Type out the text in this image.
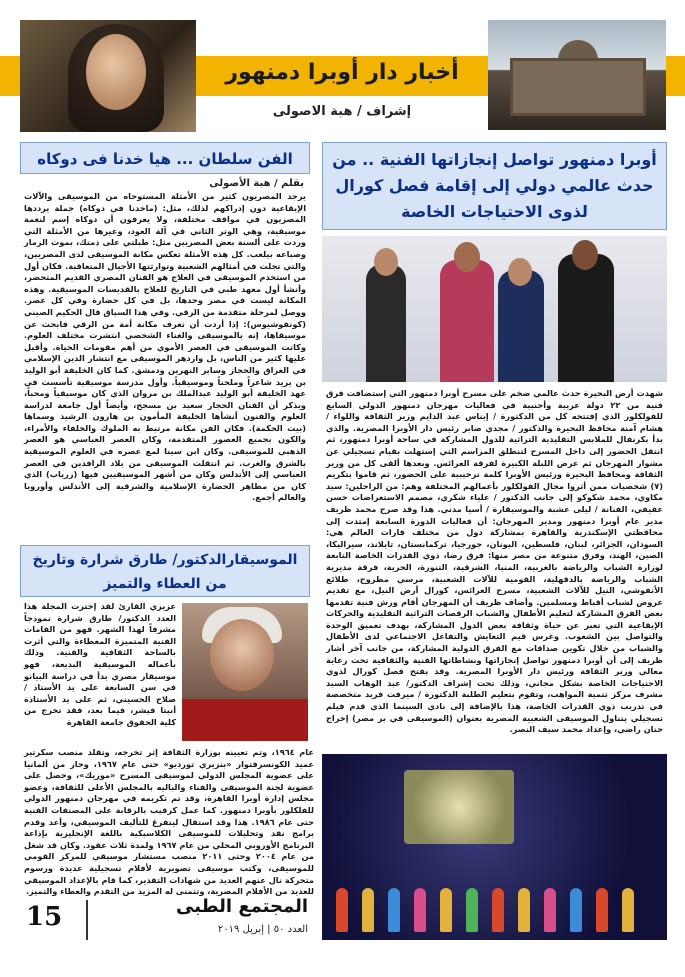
أخبار دار أوبرا دمنهور
إشراف / هبة الاصولى
الفن سلطان ... هيا خدنا فى دوكاه
بقلم / هبة الأصولى

يرجد المصريون كثير من الأمثلة المستوحاه من الموسيقى والآلات الإيقاعية دون إدراكهم لذلك، مثل: (ماخدنا في دوكاه) جملة يرددها المصريون في مواقف مختلفة، ولا يعرفون أن دوكاه إسم لنغمة موسيقية، وهي الوتر الثاني في آلة العود، وغيرها من الأمثلة التي وردت على ألسنة بعض المصريين مثل: طبلتي على ذمتك، بموت الزمار وصباعه بيلعب. كل هذه الأمثلة تعكس مكانة الموسيقى لدى المصريين، والتي تجلت في أمثالهم الشعبية وتوارثتها الأجيال المتعاقبة. فكان أول من استخدم الموسيقى في العلاج هو الفنان المصري القديم المتحضر، وأنشأ أول معهد طبي في التاريخ للعلاج بالقديسات الموسيقية. وهذه المكانة ليست في مصر وحدها، بل في كل حضارة وفي كل عصر. ووصل لمرحلة متقدمة من الرقي. وفي هذا السياق قال الحكيم الصيني (كونفوشيوس): إذا أردت أن تعرف مكانة أمة من الرقي فابحث عن موسيقاها، إنه بالموسيقى والغناء الشخصي انتشرت مختلف العلوم. وكانت الموسيقى في العصر الأموي من أهم مقومات الحياة. وأقبل عليها كثير من الناس، بل وازدهر الموسيقى مع انتشار الدين الإسلامي في العراق والحجاز وساير النهرين ودمشق. كما كان الخليفة أبو الوليد بن يزيد شاعراً وملحناً وموسيقياً. وأول مدرسة موسيقية تأسست في عهد الخليفة أبو الوليد عبدالملك بن مروان الذي كان موسيقياً ومحباً، ويذكر أن الفنان الحجاز سعيد بن مسجح، وأيضاً أول جامعة لدراسة العلوم والفنون أنشأها الخليفة المأمون بن هارون الرشيد وسماها (بيت الحكمة). فكان الفن مكانة مرتبط به الملوك والخلفاء والأمراء، والكون بجميع العصور المتقدمة، وكان العصر العباسي هو العصر الذهبي للموسيقى. وكان ابن سينا لمع عصره في العلوم الموسيقية بالشرق والغرب. ثم انتقلت الموسيقى من بلاد الرافدين في العصر العباسي إلى الأندلس وكان من أشهر الموسيقيين فيها (زرياب) الذي كان من مظاهر الحضارة الإسلامية والشرقية إلى الأندلس وأوروبا والعالم أجمع.

الموسيقارالدكتور/ طارق شرارة وتاريخ من العطاء والتميز

عزيزي القارئ لقد إخترت المجلة هذا العدد الدكتور/ طارق شرارة نموذجاً مشرفاً لهذا الشهر. فهو من القامات الفنية المتميزة المعطاءة والتي أثرت بالساحة الثقافية والفنية. وذلك بأعماله الموسيقية البديعة، فهو موسيقار مصري بدأ في دراسة البيانو في سن السابعة على يد الأستاذ / صلاح الحسيني، ثم على يد الأستاذة أنيتا فيشر، فيما بعد، فقد تخرج من كلية الحقوق جامعة القاهرة

عام ١٩٦٤، وتم تعيينه بوزارة الثقافة إثر تخرجه، وتقلد منصب سكرتير عميد الكونسرفتوار «بنزيري تورديو» حتى عام ١٩٦٧، وحاز من ألمانيا على عضوية المجلس الدولي لموسيقى المسرح «موزيك»، وحصل على عضوية لجنة الموسيقى والفناء والباليه بالمجلس الأعلى للثقافة، وعضو مجلس إدارة أوبرا القاهرة، وقد تم تكريمه في مهرجان دمنهور الدولي للفلكلور بأوبرا دمنهور. كما عمل كرقيب بالرقابة على المصنفات الفنية حتى عام ١٩٨٦. هذا وقد استقال ليتفرغ للتأليف الموسيقي، وأعد وقدم برامج نقد وتحليلات للموسيقى الكلاسيكية باللغة الإنجليزية بإذاعة البرنامج الأوروبي المحلي من عام ١٩٦٧ ولمدة ثلاث عقود. وكان قد شغل من عام ٢٠٠٤ وحتى ٢٠١١ منصب مستشار موسيقي للمركز القومي للموسيقى، وكتب موسيقى تصويرية لأفلام تسجيلية عديدة ورسوم متحركة نال عنهم العديد من شهادات التقدير، كما قام بالإعداد الموسيقي للعديد من الأفلام المصرية، وتتمنى له المزيد من التقدم والعطاء والتميز.

أوبرا دمنهور تواصل إنجازاتها الفنية .. من حدث عالمي دولي إلى إقامة فصل كورال لذوى الاحتياجات الخاصة

شهدت أرض البحيرة حدث عالمي ضخم على مسرح أوبرا دمنهور التي إستضافت فرق فنية من ٢٢ دولة عربية وأجنبية في فعاليات مهرجان دمنهور الدولي السابع للفولكلور الذي إفتتحه كل من الدكتورة / إيناس عبد الدايم وزير الثقافة واللواء / هشام آمنة محافظ البحيرة والدكتور / مجدي صابر رئيس دار الأوبرا المصرية. والذي بدأ بكرنفال للملابس التقليدية التراثية للدول المشاركة في ساحة أوبرا دمنهور، ثم انتقل الحضور إلى داخل المسرح لتنطلق المراسم التي إستهلت بقيام تسجيلي عن مشوار المهرجان ثم عرض اللبلة الكبيرة لفرقة العرائس. وبعدها ألقى كل من وزير الثقافة ومحافظ البحيرة ورئيس الأوبرا كلمة ترحيبية على الحضور، ثم قاموا بتكريم (٧) شخصيات ممن أثروا مجال الفولكلور بأعمالهم المختلفة وهم: من الراحلين: سيد مكاوي، محمد شكوكو إلى جانب الدكتور / علياء شكري، مصمم الاستعراضات حسن عفيفي، الفنانة / ليلى عشبة والموسيقارة / أسيا مدني. هذا وقد صرح محمد ظريف مدير عام أوبرا دمنهور ومدير المهرجان: أن فعاليات الدورة السابعة إمتدت إلى محافظتي الإسكندرية والقاهرة بمشاركة دول من مختلف قارات العالم هي: السودان، الجزائر، لبنان، فلسطين، اليونان، جورجيا، تركمانستان، تايلاند، سيراليكا، الصين، الهند، وفرق متنوعة من مصر منها: فرق رضا، ذوي القدرات الخاصة التابعة لوزارة الشباب والرياضة بالغربية، المنيا، الشرقية، التنورة، الحرية، فرقة مديرية الشباب والرياضة بالدقهلية، القومية للآلات الشعبية، مرسي مطروح، طلائع الأنفوشي، النيل للآلات الشعبية، مسرح العرائس، كورال أرض النيل، مع تقديم عروض لشباب أقباط ومسلمين. وأضاف ظريف أن المهرجان أقام ورش فنية تقدمها بعض الفرق المشاركة لتعليم الأطفال والشباب الرقصات التراثية التقليدية والحركات الإيقاعية التي تعبر عن حياة وثقافة بعض الدول المشاركة، بهدف تعميق الوحدة والتواصل بين الشعوب. وغرس قيم التعايش والتفاعل الاجتماعي لدى الأطفال والشباب من خلال تكوين صداقات مع الفرق الدولية المشاركة، من جانب آخر أشار ظريف إلى أن أوبرا دمنهور تواصل إنجازاتها ونشاطاتها الفنية والثقافية تحت رعاية معالي وزير الثقافة ورئيس دار الأوبرا المصرية. وقد بفتح فصل كورال لذوي الاحتياجات الخاصة بشكل مجاني، وذلك تحت إشراف الدكتور/ عبد الوهاب السيد مشرف مركز تنمية المواهب، وتقوم بتعليم الطلبة الدكتورة / ميرفت فريد متخصصة في تدريب ذوي القدرات الخاصة، هذا بالإضافة إلى نادي السينما الذي قدم فيلم تسجيلي يتناول الموسيقى الشعبية المصرية بعنوان (الموسيقى في بر مصر) إخراج حنان راضي، وإعداد محمد سيف النصر.

15	المجتمع الطبى
العدد ٥٠ | إبريل ٢٠١٩
